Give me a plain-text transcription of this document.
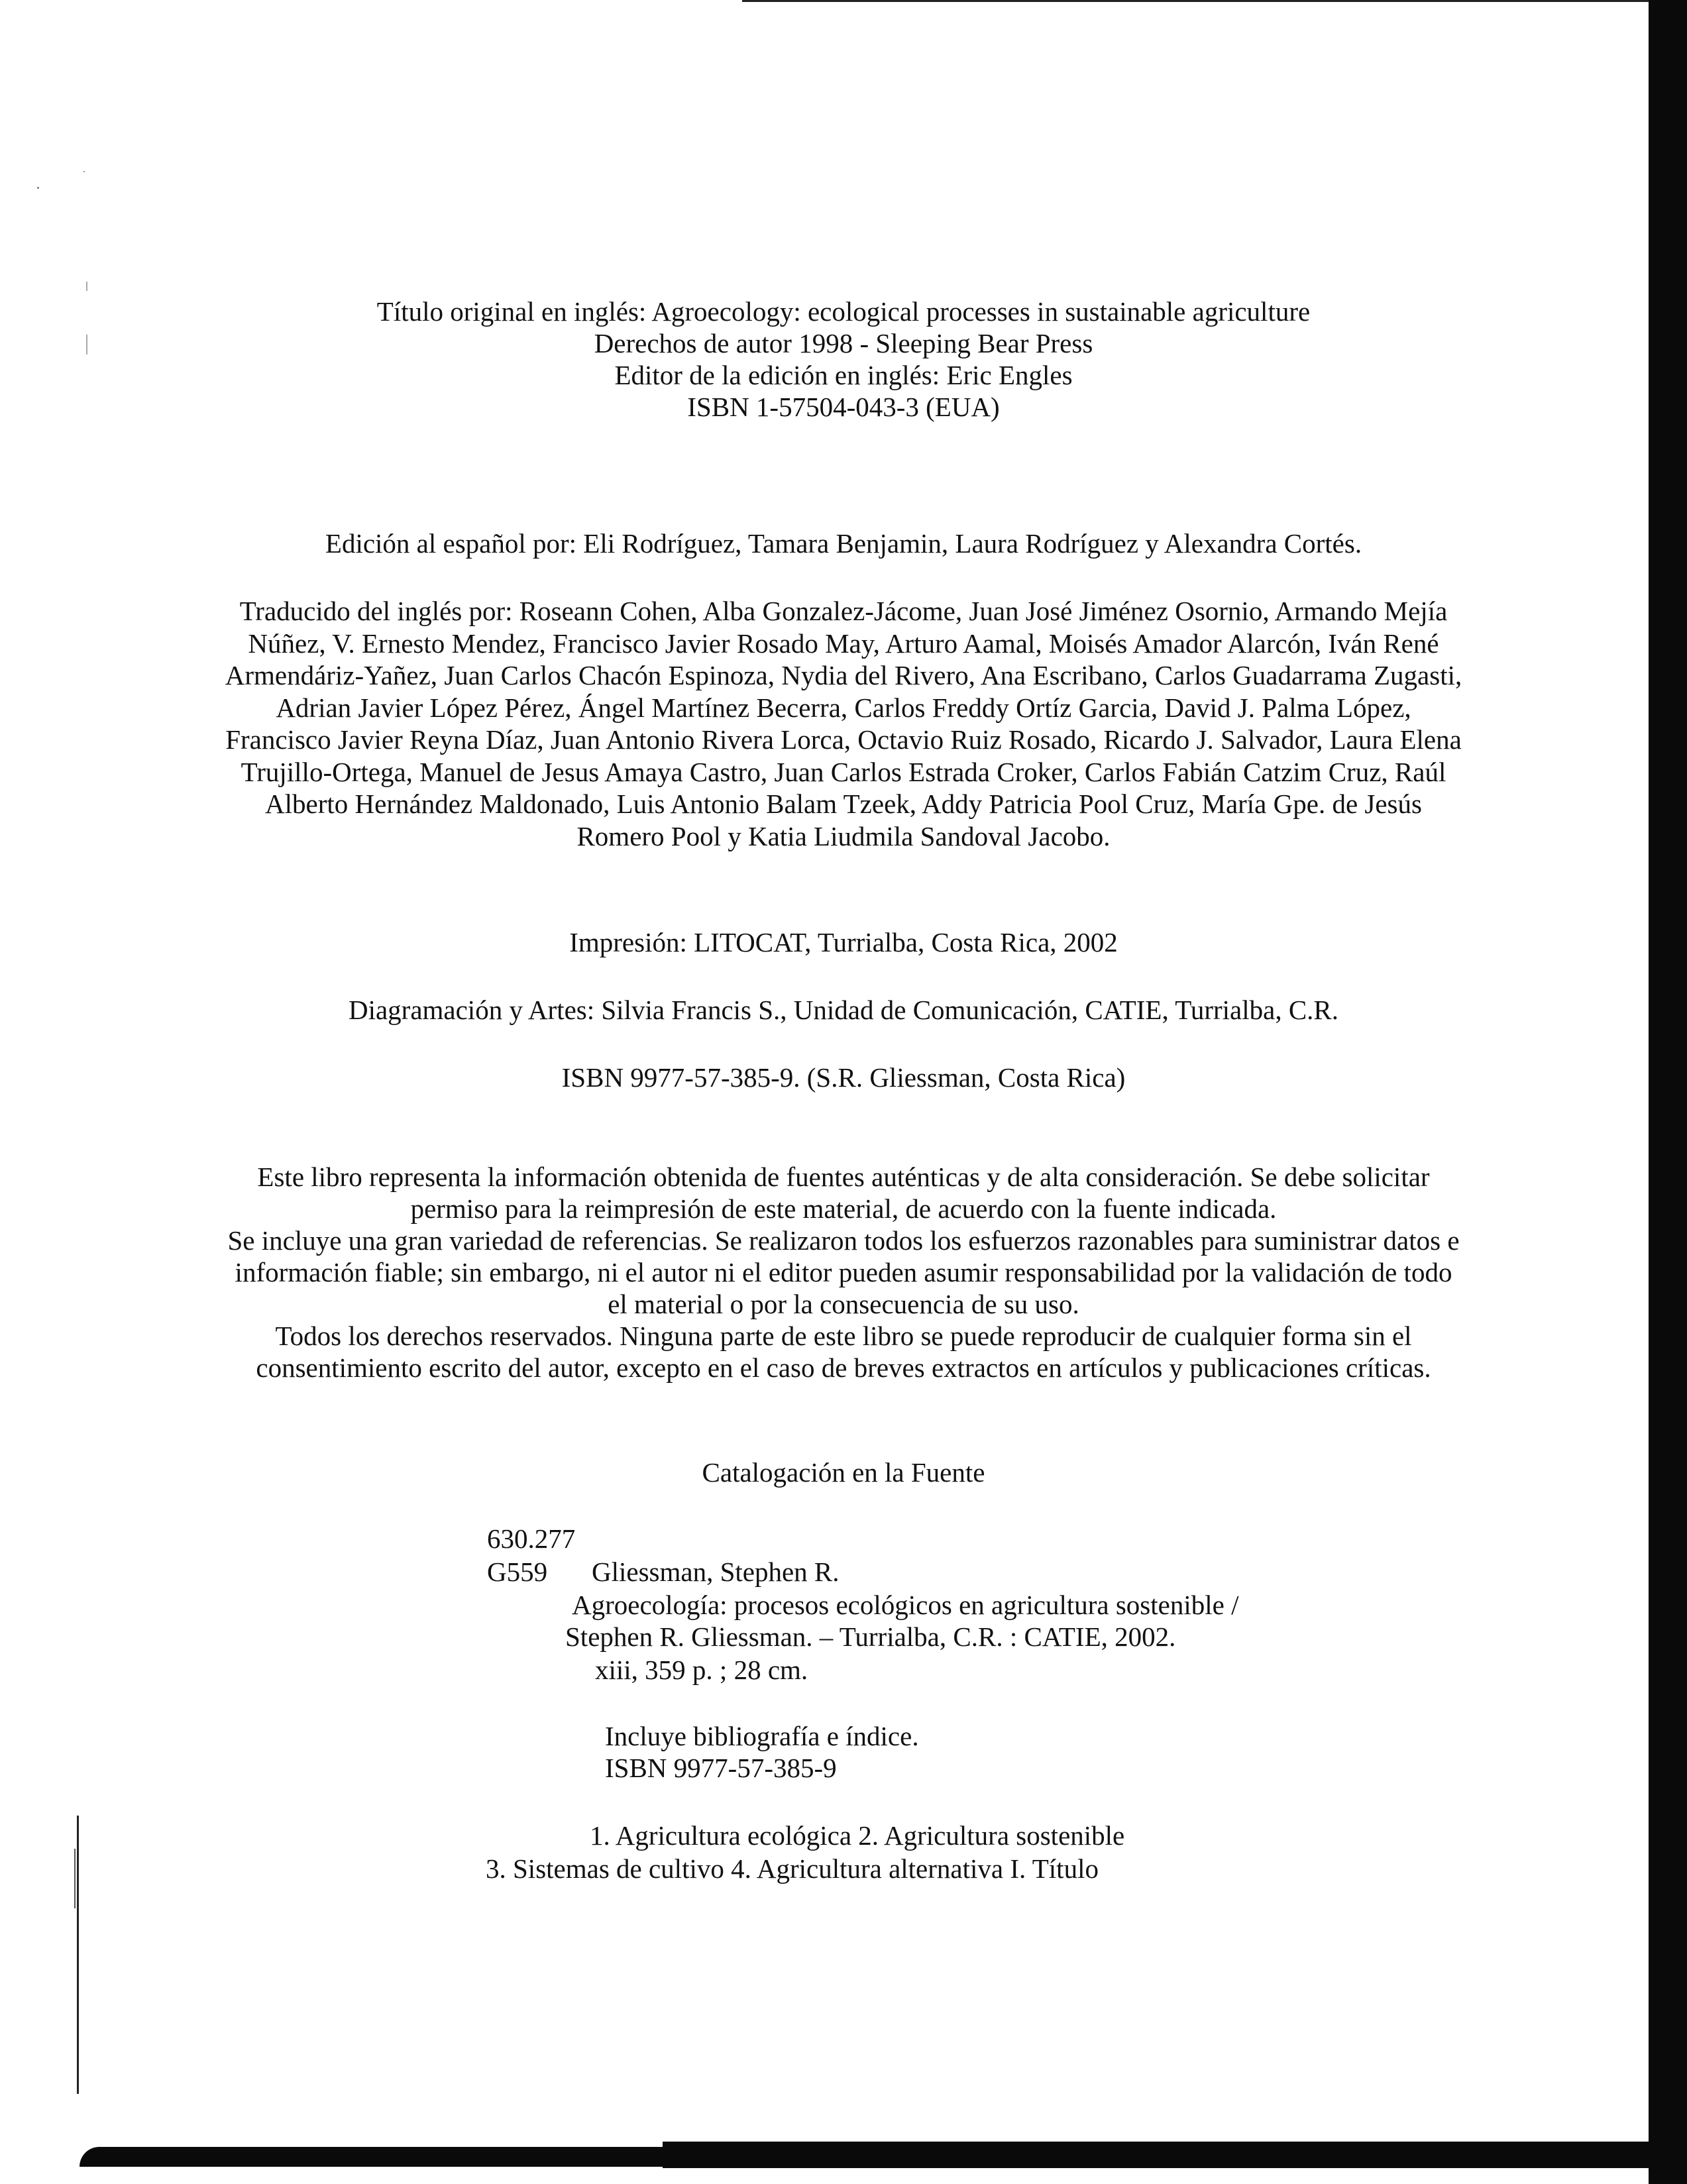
Título original en inglés: Agroecology: ecological processes in sustainable agriculture
Derechos de autor 1998 - Sleeping Bear Press
Editor de la edición en inglés: Eric Engles
ISBN 1-57504-043-3 (EUA)

Edición al español por: Eli Rodríguez, Tamara Benjamin, Laura Rodríguez y Alexandra Cortés.

Traducido del inglés por: Roseann Cohen, Alba Gonzalez-Jácome, Juan José Jiménez Osornio, Armando Mejía
Núñez, V. Ernesto Mendez, Francisco Javier Rosado May, Arturo Aamal, Moisés Amador Alarcón, Iván René
Armendáriz-Yañez, Juan Carlos Chacón Espinoza, Nydia del Rivero, Ana Escribano, Carlos Guadarrama Zugasti,
Adrian Javier López Pérez, Ángel Martínez Becerra, Carlos Freddy Ortíz Garcia, David J. Palma López,
Francisco Javier Reyna Díaz, Juan Antonio Rivera Lorca, Octavio Ruiz Rosado, Ricardo J. Salvador, Laura Elena
Trujillo-Ortega, Manuel de Jesus Amaya Castro, Juan Carlos Estrada Croker, Carlos Fabián Catzim Cruz, Raúl
Alberto Hernández Maldonado, Luis Antonio Balam Tzeek, Addy Patricia Pool Cruz, María Gpe. de Jesús
Romero Pool y Katia Liudmila Sandoval Jacobo.

Impresión: LITOCAT, Turrialba, Costa Rica, 2002

Diagramación y Artes: Silvia Francis S., Unidad de Comunicación, CATIE, Turrialba, C.R.

ISBN 9977-57-385-9. (S.R. Gliessman, Costa Rica)

Este libro representa la información obtenida de fuentes auténticas y de alta consideración. Se debe solicitar
permiso para la reimpresión de este material, de acuerdo con la fuente indicada.
Se incluye una gran variedad de referencias. Se realizaron todos los esfuerzos razonables para suministrar datos e
información fiable; sin embargo, ni el autor ni el editor pueden asumir responsabilidad por la validación de todo
el material o por la consecuencia de su uso.
Todos los derechos reservados. Ninguna parte de este libro se puede reproducir de cualquier forma sin el
consentimiento escrito del autor, excepto en el caso de breves extractos en artículos y publicaciones críticas.

Catalogación en la Fuente

630.277
G559 Gliessman, Stephen R.
Agroecología: procesos ecológicos en agricultura sostenible /
Stephen R. Gliessman. – Turrialba, C.R. : CATIE, 2002.
xiii, 359 p. ; 28 cm.
Incluye bibliografía e índice.
ISBN 9977-57-385-9
1. Agricultura ecológica 2. Agricultura sostenible
3. Sistemas de cultivo 4. Agricultura alternativa I. Título
